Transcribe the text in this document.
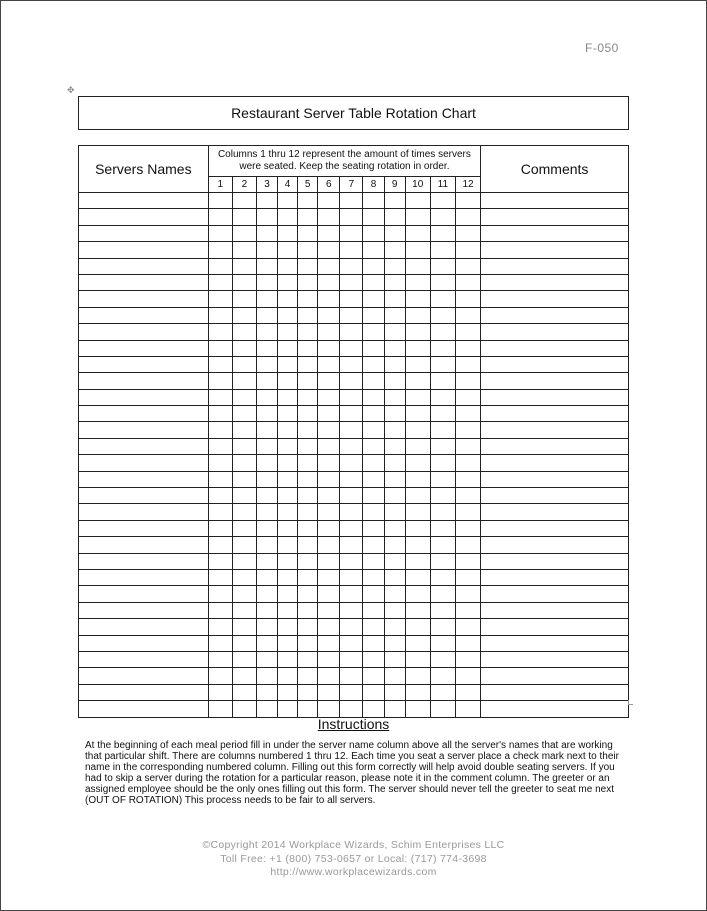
F-050
✥
Restaurant Server Table Rotation Chart
Servers Names	Columns 1 thru 12 represent the amount of times servers were seated. Keep the seating rotation in order.												Comments
	1	2	3	4	5	6	7	8	9	10	11	12	

Instructions
At the beginning of each meal period fill in under the server name column above all the server's names that are working that particular shift. There are columns numbered 1 thru 12. Each time you seat a server place a check mark next to their name in the corresponding numbered column. Filling out this form correctly will help avoid double seating servers. If you had to skip a server during the rotation for a particular reason, please note it in the comment column. The greeter or an assigned employee should be the only ones filling out this form. The server should never tell the greeter to seat me next (OUT OF ROTATION) This process needs to be fair to all servers.
©Copyright 2014 Workplace Wizards, Schim Enterprises LLC
Toll Free: +1 (800) 753-0657 or Local: (717) 774-3698
http://www.workplacewizards.com
